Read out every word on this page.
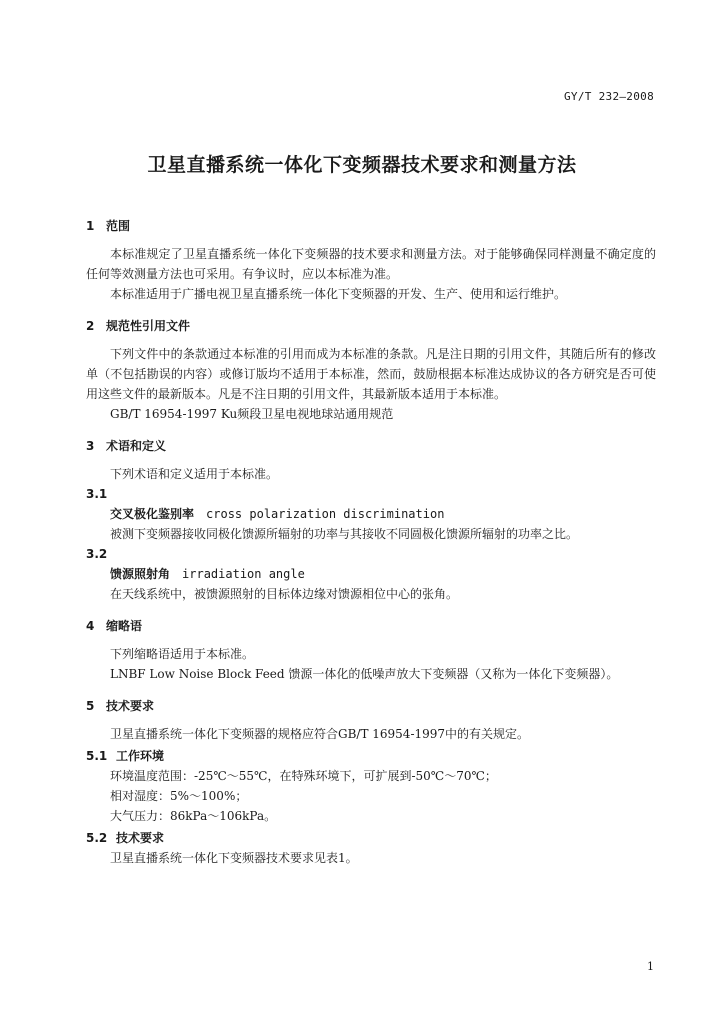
GY/T 232—2008
卫星直播系统一体化下变频器技术要求和测量方法
1 范围
本标准规定了卫星直播系统一体化下变频器的技术要求和测量方法。对于能够确保同样测量不确定度的任何等效测量方法也可采用。有争议时，应以本标准为准。
本标准适用于广播电视卫星直播系统一体化下变频器的开发、生产、使用和运行维护。
2 规范性引用文件
下列文件中的条款通过本标准的引用而成为本标准的条款。凡是注日期的引用文件，其随后所有的修改单（不包括勘误的内容）或修订版均不适用于本标准，然而，鼓励根据本标准达成协议的各方研究是否可使用这些文件的最新版本。凡是不注日期的引用文件，其最新版本适用于本标准。
GB/T 16954-1997 Ku频段卫星电视地球站通用规范
3 术语和定义
下列术语和定义适用于本标准。
3.1
交叉极化鉴别率 cross polarization discrimination
被测下变频器接收同极化馈源所辐射的功率与其接收不同圆极化馈源所辐射的功率之比。
3.2
馈源照射角 irradiation angle
在天线系统中，被馈源照射的目标体边缘对馈源相位中心的张角。
4 缩略语
下列缩略语适用于本标准。
LNBF Low Noise Block Feed 馈源一体化的低噪声放大下变频器（又称为一体化下变频器）。
5 技术要求
卫星直播系统一体化下变频器的规格应符合GB/T 16954-1997中的有关规定。
5.1 工作环境
环境温度范围：-25℃～55℃，在特殊环境下，可扩展到-50℃～70℃；
相对湿度：5%～100%；
大气压力：86kPa～106kPa。
5.2 技术要求
卫星直播系统一体化下变频器技术要求见表1。
1
